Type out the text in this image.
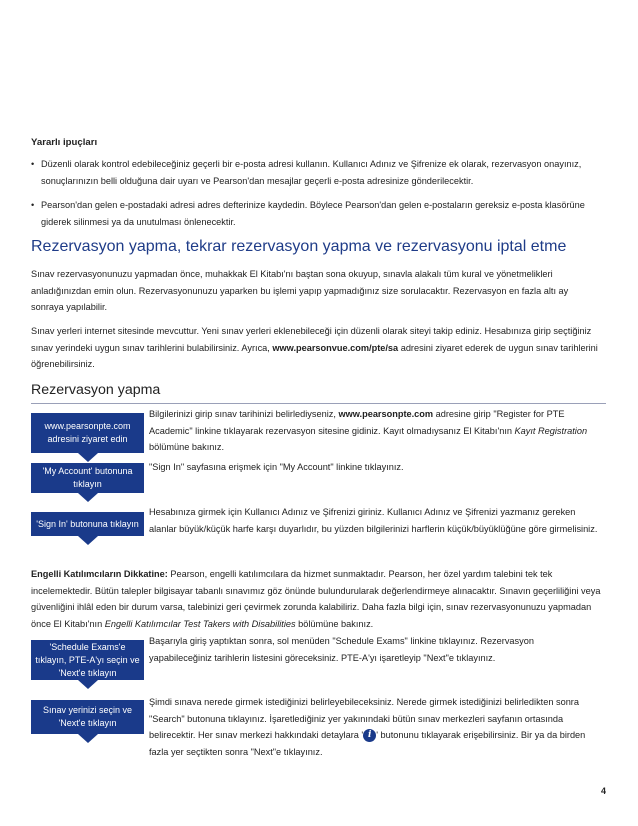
Yararlı ipuçları
• Düzenli olarak kontrol edebileceğiniz geçerli bir e-posta adresi kullanın. Kullanıcı Adınız ve Şifrenize ek olarak, rezervasyon onayınız, sonuçlarınızın belli olduğuna dair uyarı ve Pearson'dan mesajlar geçerli e-posta adresinize gönderilecektir.
• Pearson'dan gelen e-postadaki adresi adres defterinize kaydedin. Böylece Pearson'dan gelen e-postaların gereksiz e-posta klasörüne giderek silinmesi ya da unutulması önlenecektir.
Rezervasyon yapma, tekrar rezervasyon yapma ve rezervasyonu iptal etme
Sınav rezervasyonunuzu yapmadan önce, muhakkak El Kitabı'nı baştan sona okuyup, sınavla alakalı tüm kural ve yönetmelikleri anladığınızdan emin olun. Rezervasyonunuzu yaparken bu işlemi yapıp yapmadığınız size sorulacaktır. Rezervasyon en fazla altı ay sonraya yapılabilir.
Sınav yerleri internet sitesinde mevcuttur. Yeni sınav yerleri eklenebileceği için düzenli olarak siteyi takip ediniz. Hesabınıza girip seçtiğiniz sınav yerindeki uygun sınav tarihlerini bulabilirsiniz. Ayrıca, www.pearsonvue.com/pte/sa adresini ziyaret ederek de uygun sınav tarihlerini öğrenebilirsiniz.
Rezervasyon yapma
www.pearsonpte.com adresini ziyaret edin
Bilgilerinizi girip sınav tarihinizi belirlediyseniz, www.pearsonpte.com adresine girip "Register for PTE Academic" linkine tıklayarak rezervasyon sitesine gidiniz. Kayıt olmadıysanız El Kitabı'nın Kayıt Registration bölümüne bakınız.
'My Account' butonuna tıklayın
"Sign In" sayfasına erişmek için "My Account" linkine tıklayınız.
'Sign In' butonuna tıklayın
Hesabınıza girmek için Kullanıcı Adınız ve Şifrenizi giriniz. Kullanıcı Adınız ve Şifrenizi yazmanız gereken alanlar büyük/küçük harfe karşı duyarlıdır, bu yüzden bilgilerinizi harflerin küçük/büyüklüğüne göre girmelisiniz.
Engelli Katılımcıların Dikkatine: Pearson, engelli katılımcılara da hizmet sunmaktadır. Pearson, her özel yardım talebini tek tek incelemektedir. Bütün talepler bilgisayar tabanlı sınavımız göz önünde bulundurularak değerlendirmeye alınacaktır. Sınavın geçerliliğini veya güvenliğini ihlâl eden bir durum varsa, talebinizi geri çevirmek zorunda kalabiliriz. Daha fazla bilgi için, sınav rezervasyonunuzu yapmadan önce El Kitabı'nın Engelli Katılımcılar Test Takers with Disabilities bölümüne bakınız.
'Schedule Exams'e tıklayın, PTE-A'yı seçin ve 'Next'e tıklayın
Başarıyla giriş yaptıktan sonra, sol menüden "Schedule Exams" linkine tıklayınız. Rezervasyon yapabileceğiniz tarihlerin listesini göreceksiniz. PTE-A'yı işaretleyip "Next"e tıklayınız.
Sınav yerinizi seçin ve 'Next'e tıklayın
Şimdi sınava nerede girmek istediğinizi belirleyebileceksiniz. Nerede girmek istediğinizi belirledikten sonra "Search" butonuna tıklayınız. İşaretlediğiniz yer yakınındaki bütün sınav merkezleri sayfanın ortasında belirecektir. Her sınav merkezi hakkındaki detaylara ' i ' butonunu tıklayarak erişebilirsiniz. Bir ya da birden fazla yer seçtikten sonra "Next"e tıklayınız.
4
